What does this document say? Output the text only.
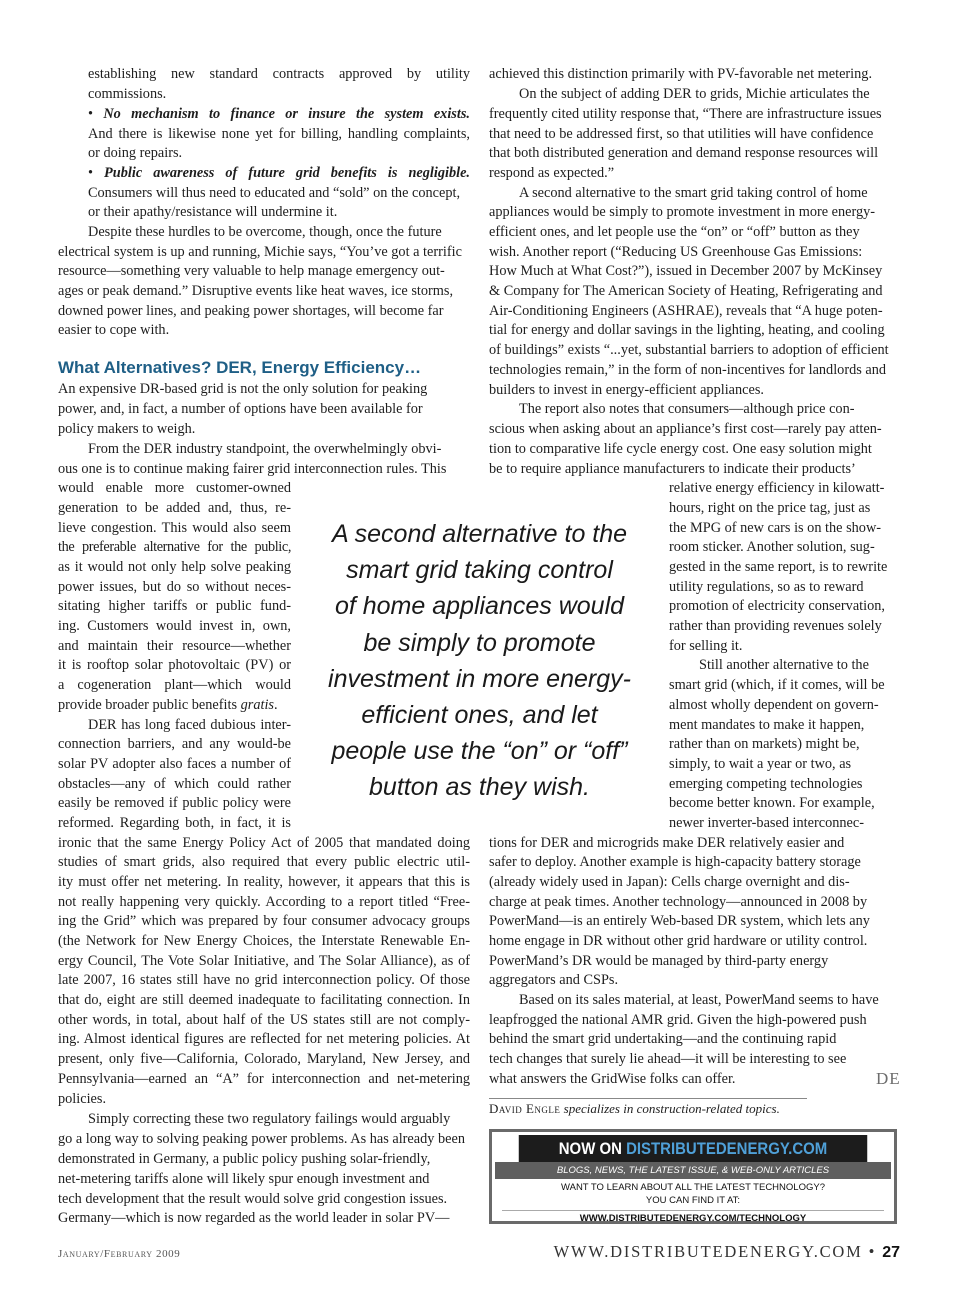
establishing new standard contracts approved by utility

commissions.

• No mechanism to finance or insure the system exists.

And there is likewise none yet for billing, handling complaints,

or doing repairs.

• Public awareness of future grid benefits is negligible.

Consumers will thus need to educated and “sold” on the concept,

or their apathy/resistance will undermine it.

Despite these hurdles to be overcome, though, once the future

electrical system is up and running, Michie says, “You’ve got a terrific

resource—something very valuable to help manage emergency out-

ages or peak demand.” Disruptive events like heat waves, ice storms,

downed power lines, and peaking power shortages, will become far

easier to cope with.

What Alternatives? DER, Energy Efficiency…

An expensive DR-based grid is not the only solution for peaking

power, and, in fact, a number of options have been available for

policy makers to weigh.

From the DER industry standpoint, the overwhelmingly obvi-

ous one is to continue making fairer grid interconnection rules. This

would enable more customer-owned

generation to be added and, thus, re-

lieve congestion. This would also seem

the preferable alternative for the public,

as it would not only help solve peaking

power issues, but do so without neces-

sitating higher tariffs or public fund-

ing. Customers would invest in, own,

and maintain their resource—whether

it is rooftop solar photovoltaic (PV) or

a cogeneration plant—which would

provide broader public benefits gratis.

DER has long faced dubious inter-

connection barriers, and any would-be

solar PV adopter also faces a number of

obstacles—any of which could rather

easily be removed if public policy were

reformed. Regarding both, in fact, it is

ironic that the same Energy Policy Act of 2005 that mandated doing

studies of smart grids, also required that every public electric util-

ity must offer net metering. In reality, however, it appears that this is

not really happening very quickly. According to a report titled “Free-

ing the Grid” which was prepared by four consumer advocacy groups

(the Network for New Energy Choices, the Interstate Renewable En-

ergy Council, The Vote Solar Initiative, and The Solar Alliance), as of

late 2007, 16 states still have no grid interconnection policy. Of those

that do, eight are still deemed inadequate to facilitating connection. In

other words, in total, about half of the US states still are not comply-

ing. Almost identical figures are reflected for net metering policies. At

present, only five—California, Colorado, Maryland, New Jersey, and

Pennsylvania—earned an “A” for interconnection and net-metering

policies.

Simply correcting these two regulatory failings would arguably

go a long way to solving peaking power problems. As has already been

demonstrated in Germany, a public policy pushing solar-friendly,

net-metering tariffs alone will likely spur enough investment and

tech development that the result would solve grid congestion issues.

Germany—which is now regarded as the world leader in solar PV—

A second alternative to the
smart grid taking control
of home appliances would
be simply to promote
investment in more energy-
efficient ones, and let
people use the “on” or “off”
button as they wish.

achieved this distinction primarily with PV-favorable net metering.

On the subject of adding DER to grids, Michie articulates the

frequently cited utility response that, “There are infrastructure issues

that need to be addressed first, so that utilities will have confidence

that both distributed generation and demand response resources will

respond as expected.”

A second alternative to the smart grid taking control of home

appliances would be simply to promote investment in more energy-

efficient ones, and let people use the “on” or “off” button as they

wish. Another report (“Reducing US Greenhouse Gas Emissions:

How Much at What Cost?”), issued in December 2007 by McKinsey

& Company for The American Society of Heating, Refrigerating and

Air-Conditioning Engineers (ASHRAE), reveals that “A huge poten-

tial for energy and dollar savings in the lighting, heating, and cooling

of buildings” exists “...yet, substantial barriers to adoption of efficient

technologies remain,” in the form of non-incentives for landlords and

builders to invest in energy-efficient appliances.

The report also notes that consumers—although price con-

scious when asking about an appliance’s first cost—rarely pay atten-

tion to comparative life cycle energy cost. One easy solution might

be to require appliance manufacturers to indicate their products’

relative energy efficiency in kilowatt-

hours, right on the price tag, just as

the MPG of new cars is on the show-

room sticker. Another solution, sug-

gested in the same report, is to rewrite

utility regulations, so as to reward

promotion of electricity conservation,

rather than providing revenues solely

for selling it.

Still another alternative to the

smart grid (which, if it comes, will be

almost wholly dependent on govern-

ment mandates to make it happen,

rather than on markets) might be,

simply, to wait a year or two, as

emerging competing technologies

become better known. For example,

newer inverter-based interconnec-

tions for DER and microgrids make DER relatively easier and

safer to deploy. Another example is high-capacity battery storage

(already widely used in Japan): Cells charge overnight and dis-

charge at peak times. Another technology—announced in 2008 by

PowerMand—is an entirely Web-based DR system, which lets any

home engage in DR without other grid hardware or utility control.

PowerMand’s DR would be managed by third-party energy

aggregators and CSPs.

Based on its sales material, at least, PowerMand seems to have

leapfrogged the national AMR grid. Given the high-powered push

behind the smart grid undertaking—and the continuing rapid

tech changes that surely lie ahead—it will be interesting to see

what answers the GridWise folks can offer.	DE

David Engle specializes in construction-related topics.

NOW ON DISTRIBUTEDENERGY.COM
BLOGS, NEWS, THE LATEST ISSUE, & WEB-ONLY ARTICLES
WANT TO LEARN ABOUT ALL THE LATEST TECHNOLOGY?
YOU CAN FIND IT AT:
WWW.DISTRIBUTEDENERGY.COM/TECHNOLOGY

January/February 2009	WWW.DISTRIBUTEDENERGY.COM • 27
